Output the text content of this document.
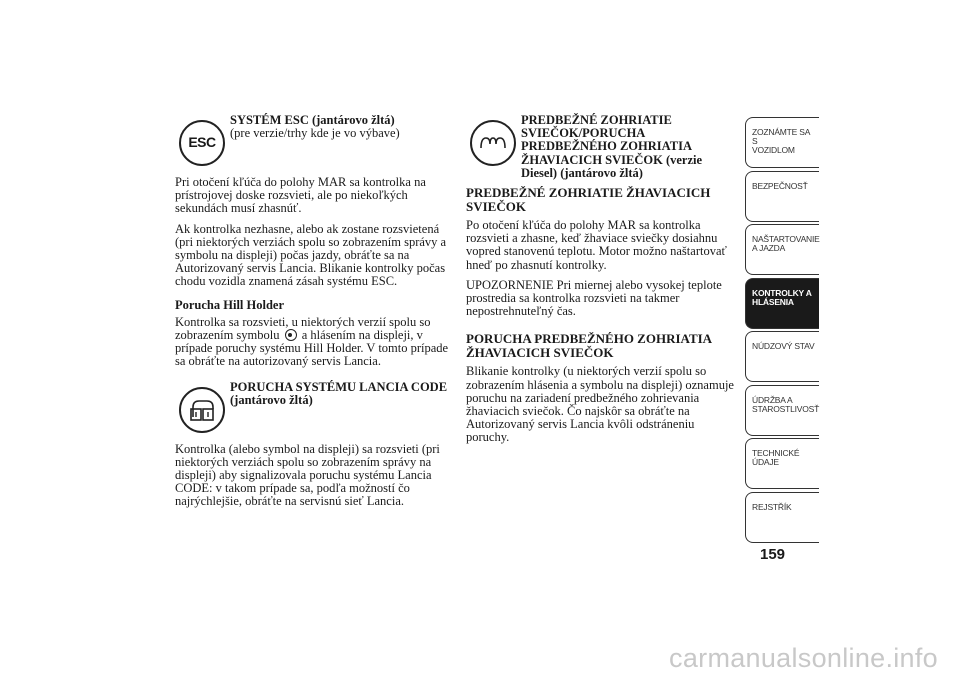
ESC
SYSTÉM ESC (jantárovo žltá)
(pre verzie/trhy kde je vo výbave)

Pri otočení kľúča do polohy MAR sa kontrolka na prístrojovej doske rozsvieti, ale po niekoľkých sekundách musí zhasnúť.

Ak kontrolka nezhasne, alebo ak zostane rozsvietená (pri niektorých verziách spolu so zobrazením správy a symbolu na displeji) počas jazdy, obráťte sa na Autorizovaný servis Lancia. Blikanie kontrolky počas chodu vozidla znamená zásah systému ESC.

Porucha Hill Holder

Kontrolka sa rozsvieti, u niektorých verzií spolu so zobrazením symbolu a hlásením na displeji, v prípade poruchy systému Hill Holder. V tomto prípade sa obráťte na autorizovaný servis Lancia.

PORUCHA SYSTÉMU LANCIA CODE (jantárovo žltá)

Kontrolka (alebo symbol na displeji) sa rozsvieti (pri niektorých verziách spolu so zobrazením správy na displeji) aby signalizovala poruchu systému Lancia CODE: v takom prípade sa, podľa možností čo najrýchlejšie, obráťte na servisnú sieť Lancia.

PREDBEŽNÉ ZOHRIATIE SVIEČOK/PORUCHA PREDBEŽNÉHO ZOHRIATIA ŽHAVIACICH SVIEČOK (verzie Diesel) (jantárovo žltá)
PREDBEŽNÉ ZOHRIATIE ŽHAVIACICH SVIEČOK

Po otočení kľúča do polohy MAR sa kontrolka rozsvieti a zhasne, keď žhaviace sviečky dosiahnu vopred stanovenú teplotu. Motor možno naštartovať hneď po zhasnutí kontrolky.

UPOZORNENIE Pri miernej alebo vysokej teplote prostredia sa kontrolka rozsvieti na takmer nepostrehnuteľný čas.

PORUCHA PREDBEŽNÉHO ZOHRIATIA ŽHAVIACICH SVIEČOK

Blikanie kontrolky (u niektorých verzií spolu so zobrazením hlásenia a symbolu na displeji) oznamuje poruchu na zariadení predbežného zohrievania žhaviacich sviečok. Čo najskôr sa obráťte na Autorizovaný servis Lancia kvôli odstráneniu poruchy.

ZOZNÁMTE SA S
VOZIDLOM
BEZPEČNOSŤ
NAŠTARTOVANIE
A JAZDA
KONTROLKY A
HLÁSENIA
NÚDZOVÝ STAV
ÚDRŽBA A
STAROSTLIVOSŤ
TECHNICKÉ
ÚDAJE
REJSTŘÍK
159
carmanualsonline.info
